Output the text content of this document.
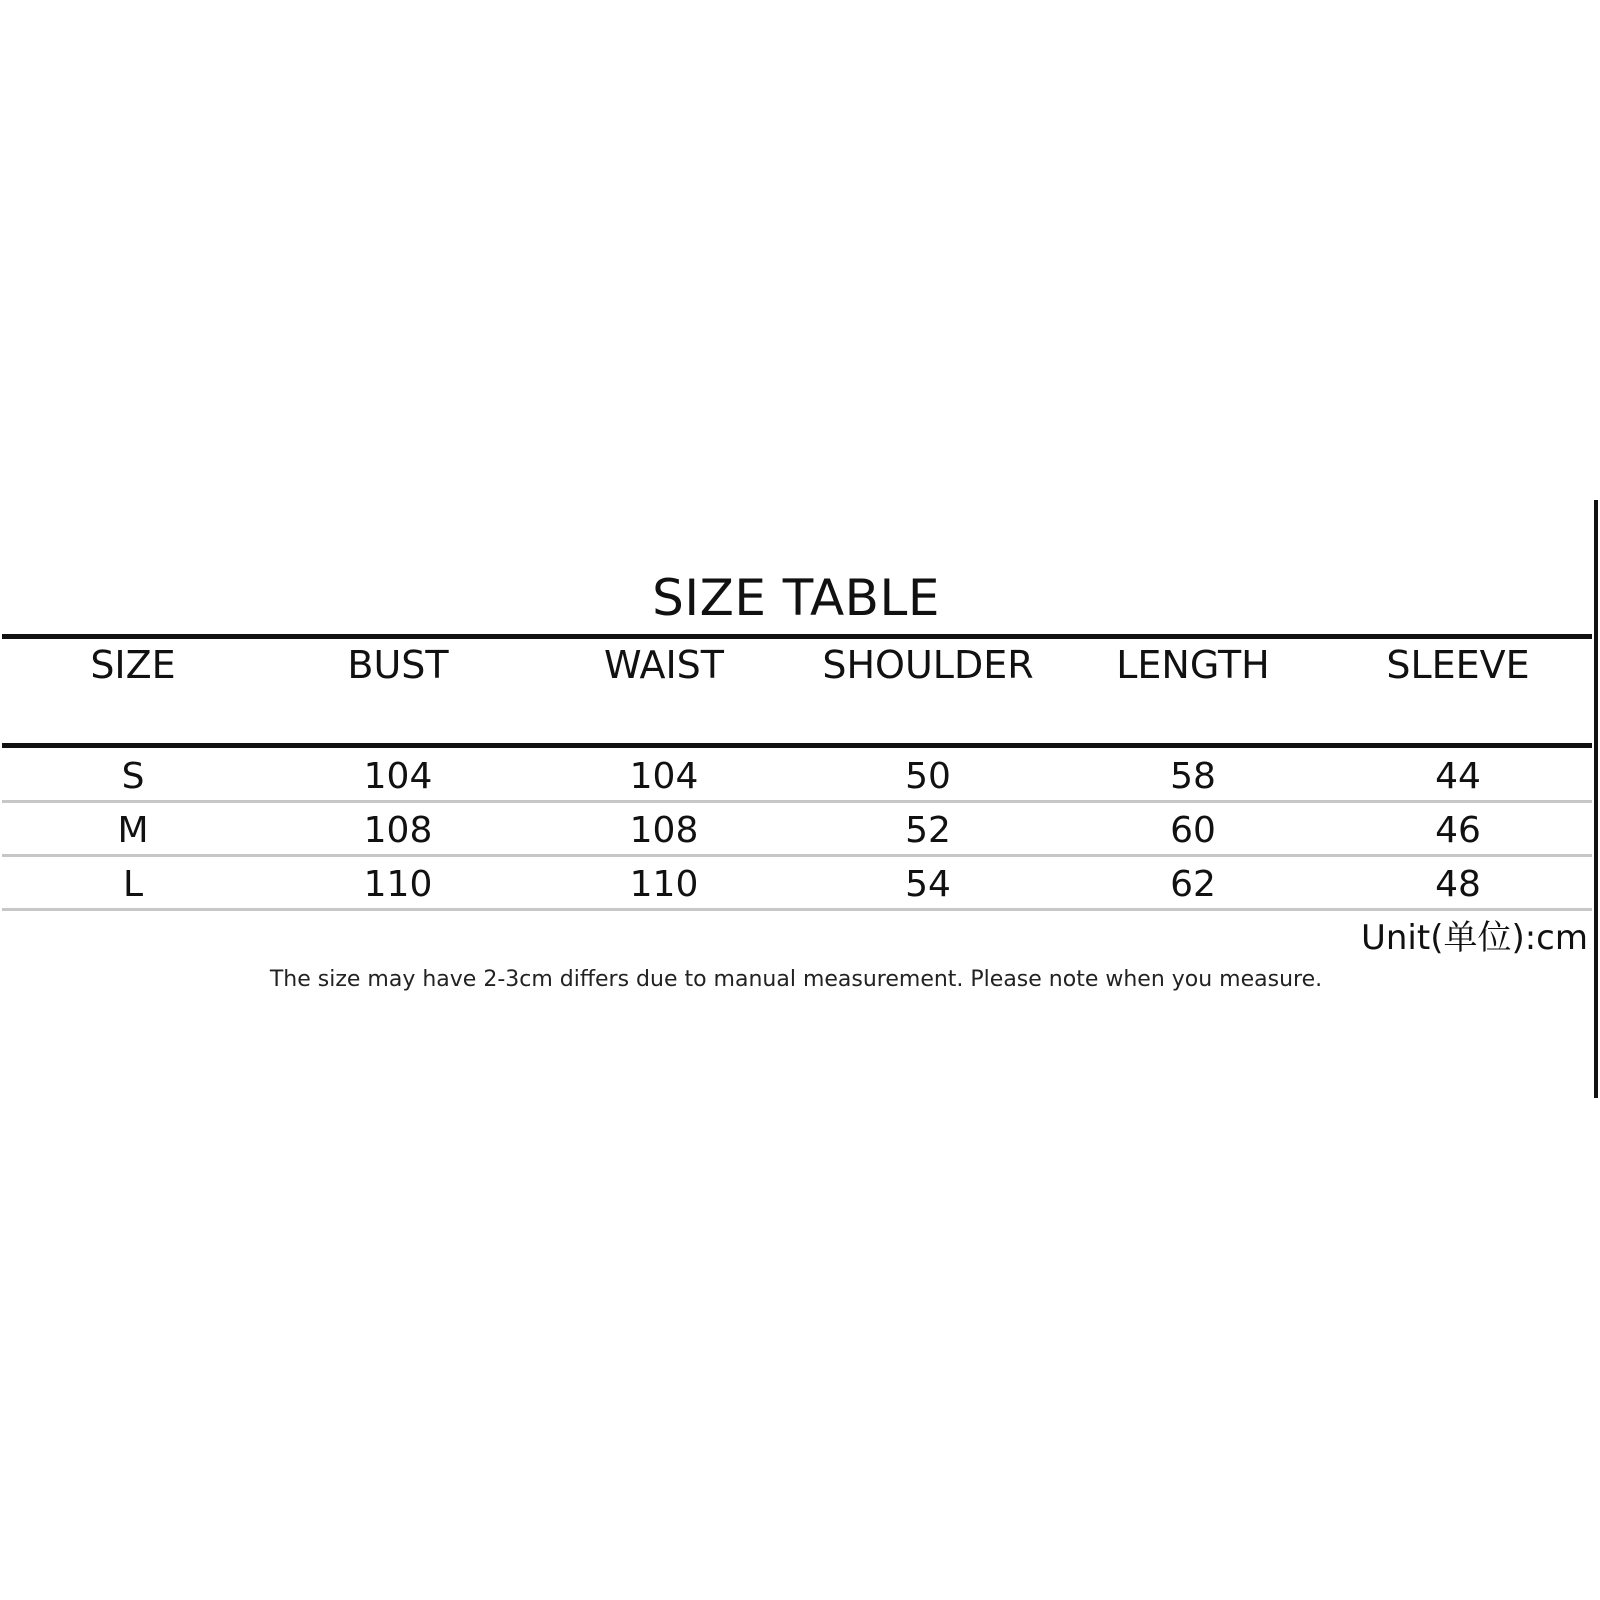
SIZE TABLE
SIZE	BUST	WAIST	SHOULDER	LENGTH	SLEEVE
S	104	104	50	58	44
M	108	108	52	60	46
L	110	110	54	62	48
Unit(单位):cm
The size may have 2-3cm differs due to manual measurement. Please note when you measure.
